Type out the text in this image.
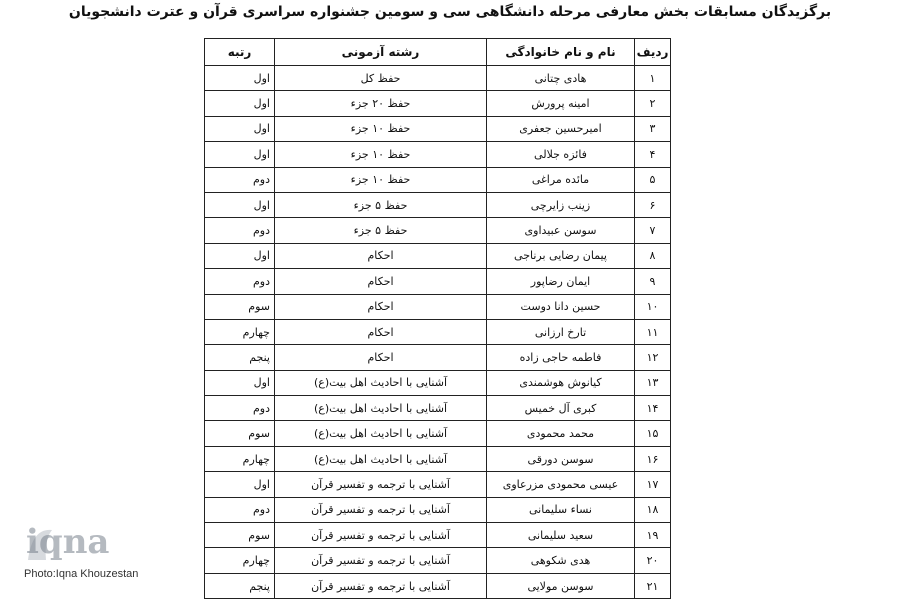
برگزیدگان مسابقات بخش معارفی مرحله دانشگاهی سی و سومین جشنواره سراسری قرآن و عترت دانشجویان
ردیف	نام و نام خانوادگی	رشته آزمونی	رتبه
۱	هادی چتانی	حفظ کل	اول
۲	امینه پرورش	حفظ ۲۰ جزء	اول
۳	امیرحسین جعفری	حفظ ۱۰ جزء	اول
۴	فائزه جلالی	حفظ ۱۰ جزء	اول
۵	مائده مراغی	حفظ ۱۰ جزء	دوم
۶	زینب زایرچی	حفظ ۵ جزء	اول
۷	سوسن عبیداوی	حفظ ۵ جزء	دوم
۸	پیمان رضایی برناجی	احکام	اول
۹	ایمان رضاپور	احکام	دوم
۱۰	حسین دانا دوست	احکام	سوم
۱۱	تارخ ارزانی	احکام	چهارم
۱۲	فاطمه حاجی زاده	احکام	پنجم
۱۳	کیانوش هوشمندی	آشنایی با احادیث اهل بیت(ع)	اول
۱۴	کبری آل خمیس	آشنایی با احادیث اهل بیت(ع)	دوم
۱۵	محمد محمودی	آشنایی با احادیث اهل بیت(ع)	سوم
۱۶	سوسن دورقی	آشنایی با احادیث اهل بیت(ع)	چهارم
۱۷	عیسی محمودی مزرعاوی	آشنایی با ترجمه و تفسیر قرآن	اول
۱۸	نساء سلیمانی	آشنایی با ترجمه و تفسیر قرآن	دوم
۱۹	سعید سلیمانی	آشنایی با ترجمه و تفسیر قرآن	سوم
۲۰	هدی شکوهی	آشنایی با ترجمه و تفسیر قرآن	چهارم
۲۱	سوسن مولایی	آشنایی با ترجمه و تفسیر قرآن	پنجم
iqna
Photo:Iqna Khouzestan
